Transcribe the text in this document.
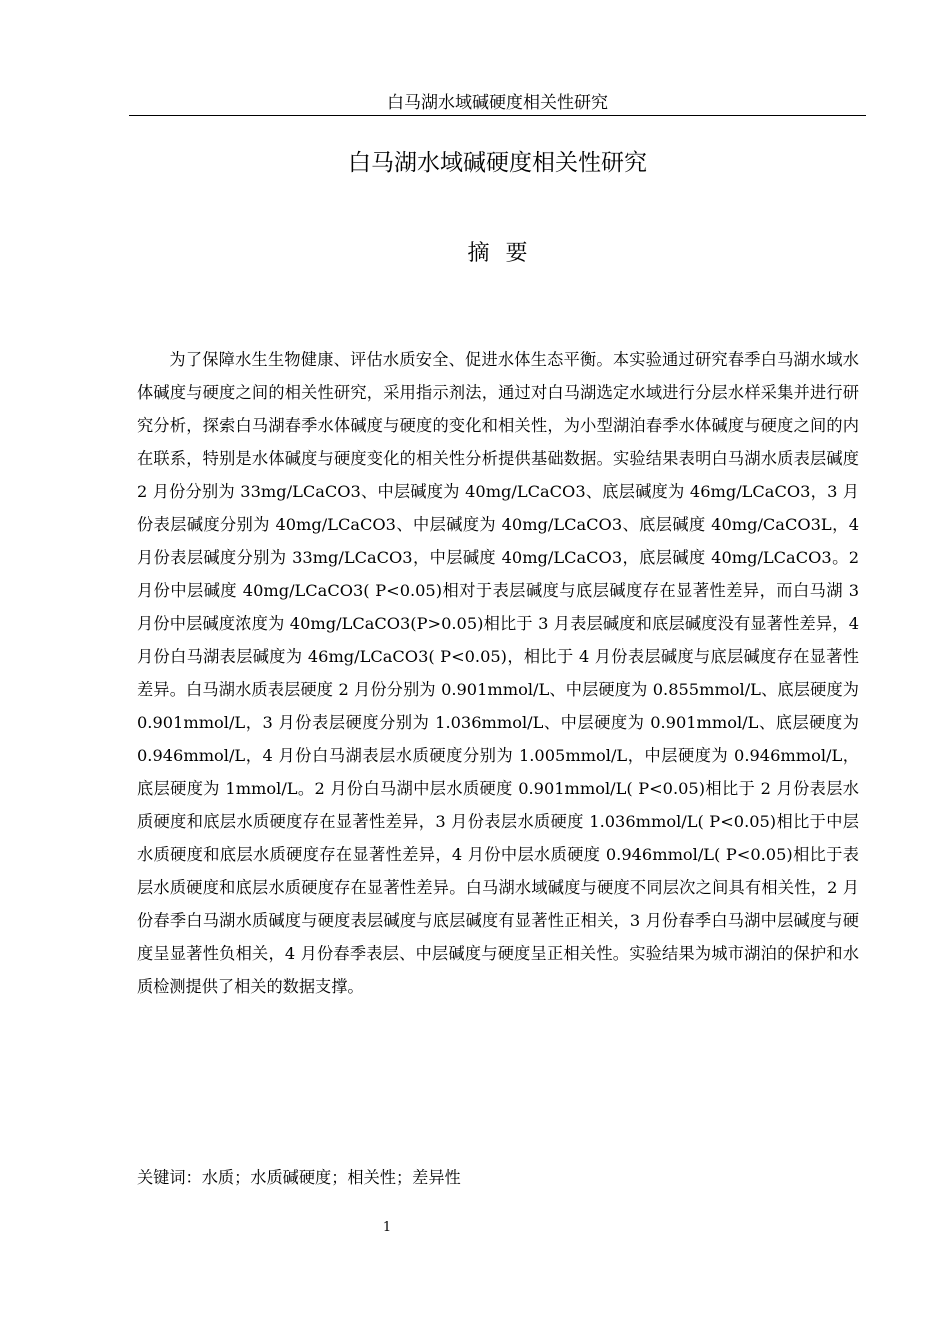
白马湖水域碱硬度相关性研究
白马湖水域碱硬度相关性研究
摘要

为了保障水生生物健康、评估水质安全、促进水体生态平衡。本实验通过研究春季白马湖水域水体碱度与硬度之间的相关性研究，采用指示剂法，通过对白马湖选定水域进行分层水样采集并进行研究分析，探索白马湖春季水体碱度与硬度的变化和相关性，为小型湖泊春季水体碱度与硬度之间的内在联系，特别是水体碱度与硬度变化的相关性分析提供基础数据。实验结果表明白马湖水质表层碱度 2 月份分别为 33mg/LCaCO3、中层碱度为 40mg/LCaCO3、底层碱度为 46mg/LCaCO3，3 月份表层碱度分别为 40mg/LCaCO3、中层碱度为 40mg/LCaCO3、底层碱度 40mg/CaCO3L，4 月份表层碱度分别为 33mg/LCaCO3，中层碱度 40mg/LCaCO3，底层碱度 40mg/LCaCO3。2 月份中层碱度 40mg/LCaCO3( P<0.05)相对于表层碱度与底层碱度存在显著性差异，而白马湖 3 月份中层碱度浓度为 40mg/LCaCO3(P>0.05)相比于 3 月表层碱度和底层碱度没有显著性差异，4 月份白马湖表层碱度为 46mg/LCaCO3( P<0.05)，相比于 4 月份表层碱度与底层碱度存在显著性差异。白马湖水质表层硬度 2 月份分别为 0.901mmol/L、中层硬度为 0.855mmol/L、底层硬度为 0.901mmol/L，3 月份表层硬度分别为 1.036mmol/L、中层硬度为 0.901mmol/L、底层硬度为 0.946mmol/L，4 月份白马湖表层水质硬度分别为 1.005mmol/L，中层硬度为 0.946mmol/L，底层硬度为 1mmol/L。2 月份白马湖中层水质硬度 0.901mmol/L( P<0.05)相比于 2 月份表层水质硬度和底层水质硬度存在显著性差异，3 月份表层水质硬度 1.036mmol/L( P<0.05)相比于中层水质硬度和底层水质硬度存在显著性差异，4 月份中层水质硬度 0.946mmol/L( P<0.05)相比于表层水质硬度和底层水质硬度存在显著性差异。白马湖水域碱度与硬度不同层次之间具有相关性，2 月份春季白马湖水质碱度与硬度表层碱度与底层碱度有显著性正相关，3 月份春季白马湖中层碱度与硬度呈显著性负相关，4 月份春季表层、中层碱度与硬度呈正相关性。实验结果为城市湖泊的保护和水质检测提供了相关的数据支撑。

关键词：水质；水质碱硬度；相关性；差异性
1
